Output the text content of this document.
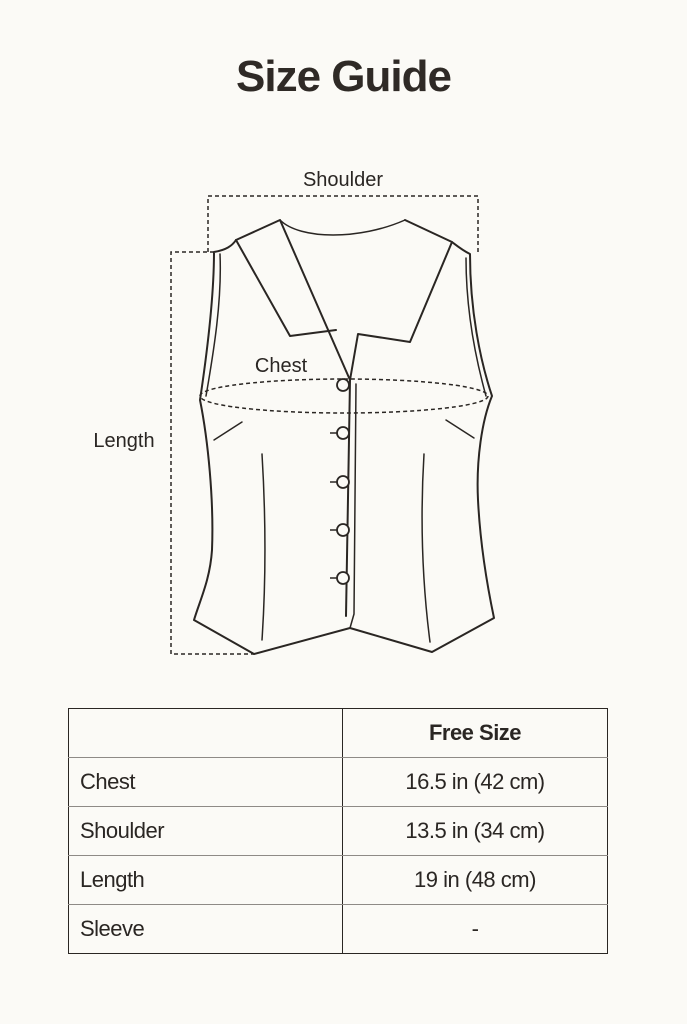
Size Guide
Shoulder
Chest
Length
	Free Size
Chest	16.5 in (42 cm)
Shoulder	13.5 in (34 cm)
Length	19 in (48 cm)
Sleeve	-
